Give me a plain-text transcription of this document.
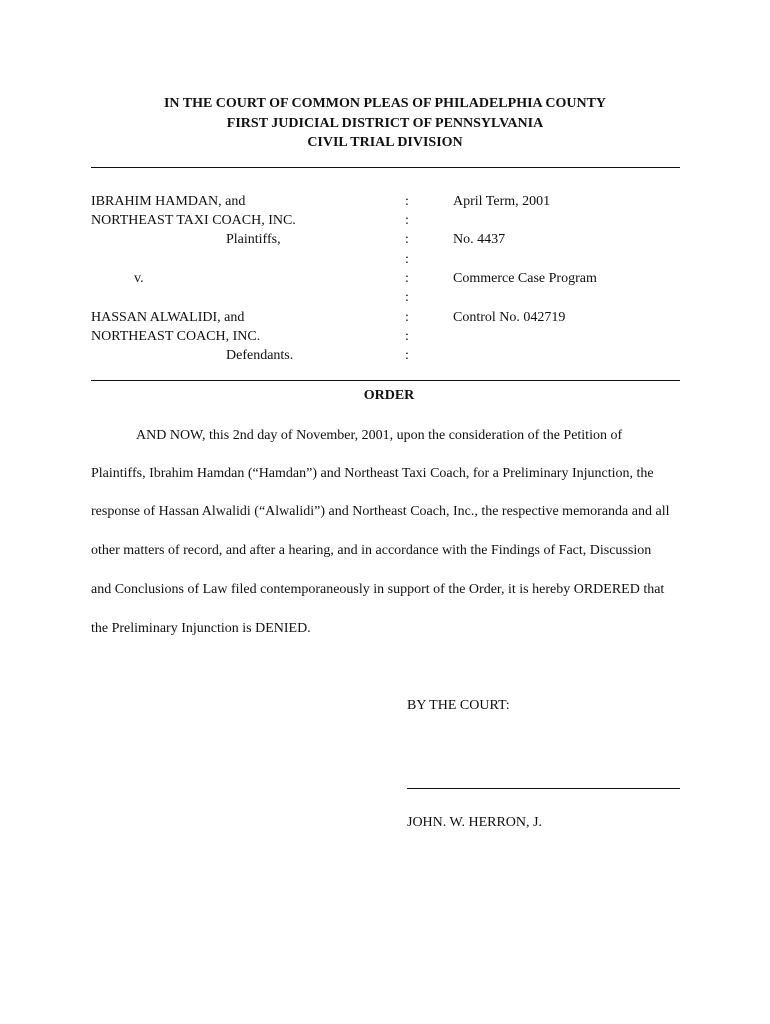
IN THE COURT OF COMMON PLEAS OF PHILADELPHIA COUNTY
FIRST JUDICIAL DISTRICT OF PENNSYLVANIA
CIVIL TRIAL DIVISION
IBRAHIM HAMDAN, and
NORTHEAST TAXI COACH, INC.
Plaintiffs,
v.
HASSAN ALWALIDI, and
NORTHEAST COACH, INC.
Defendants.
:
:
:
:
:
:
:
:
:
April Term, 2001
No. 4437
Commerce Case Program
Control No. 042719
ORDER
AND NOW, this 2nd day of November, 2001, upon the consideration of the Petition of
Plaintiffs, Ibrahim Hamdan (“Hamdan”) and Northeast Taxi Coach, for a Preliminary Injunction, the
response of Hassan Alwalidi (“Alwalidi”) and Northeast Coach, Inc., the respective memoranda and all
other matters of record, and after a hearing, and in accordance with the Findings of Fact, Discussion
and Conclusions of Law filed contemporaneously in support of the Order, it is hereby ORDERED that
the Preliminary Injunction is DENIED.
BY THE COURT:
JOHN. W. HERRON, J.
